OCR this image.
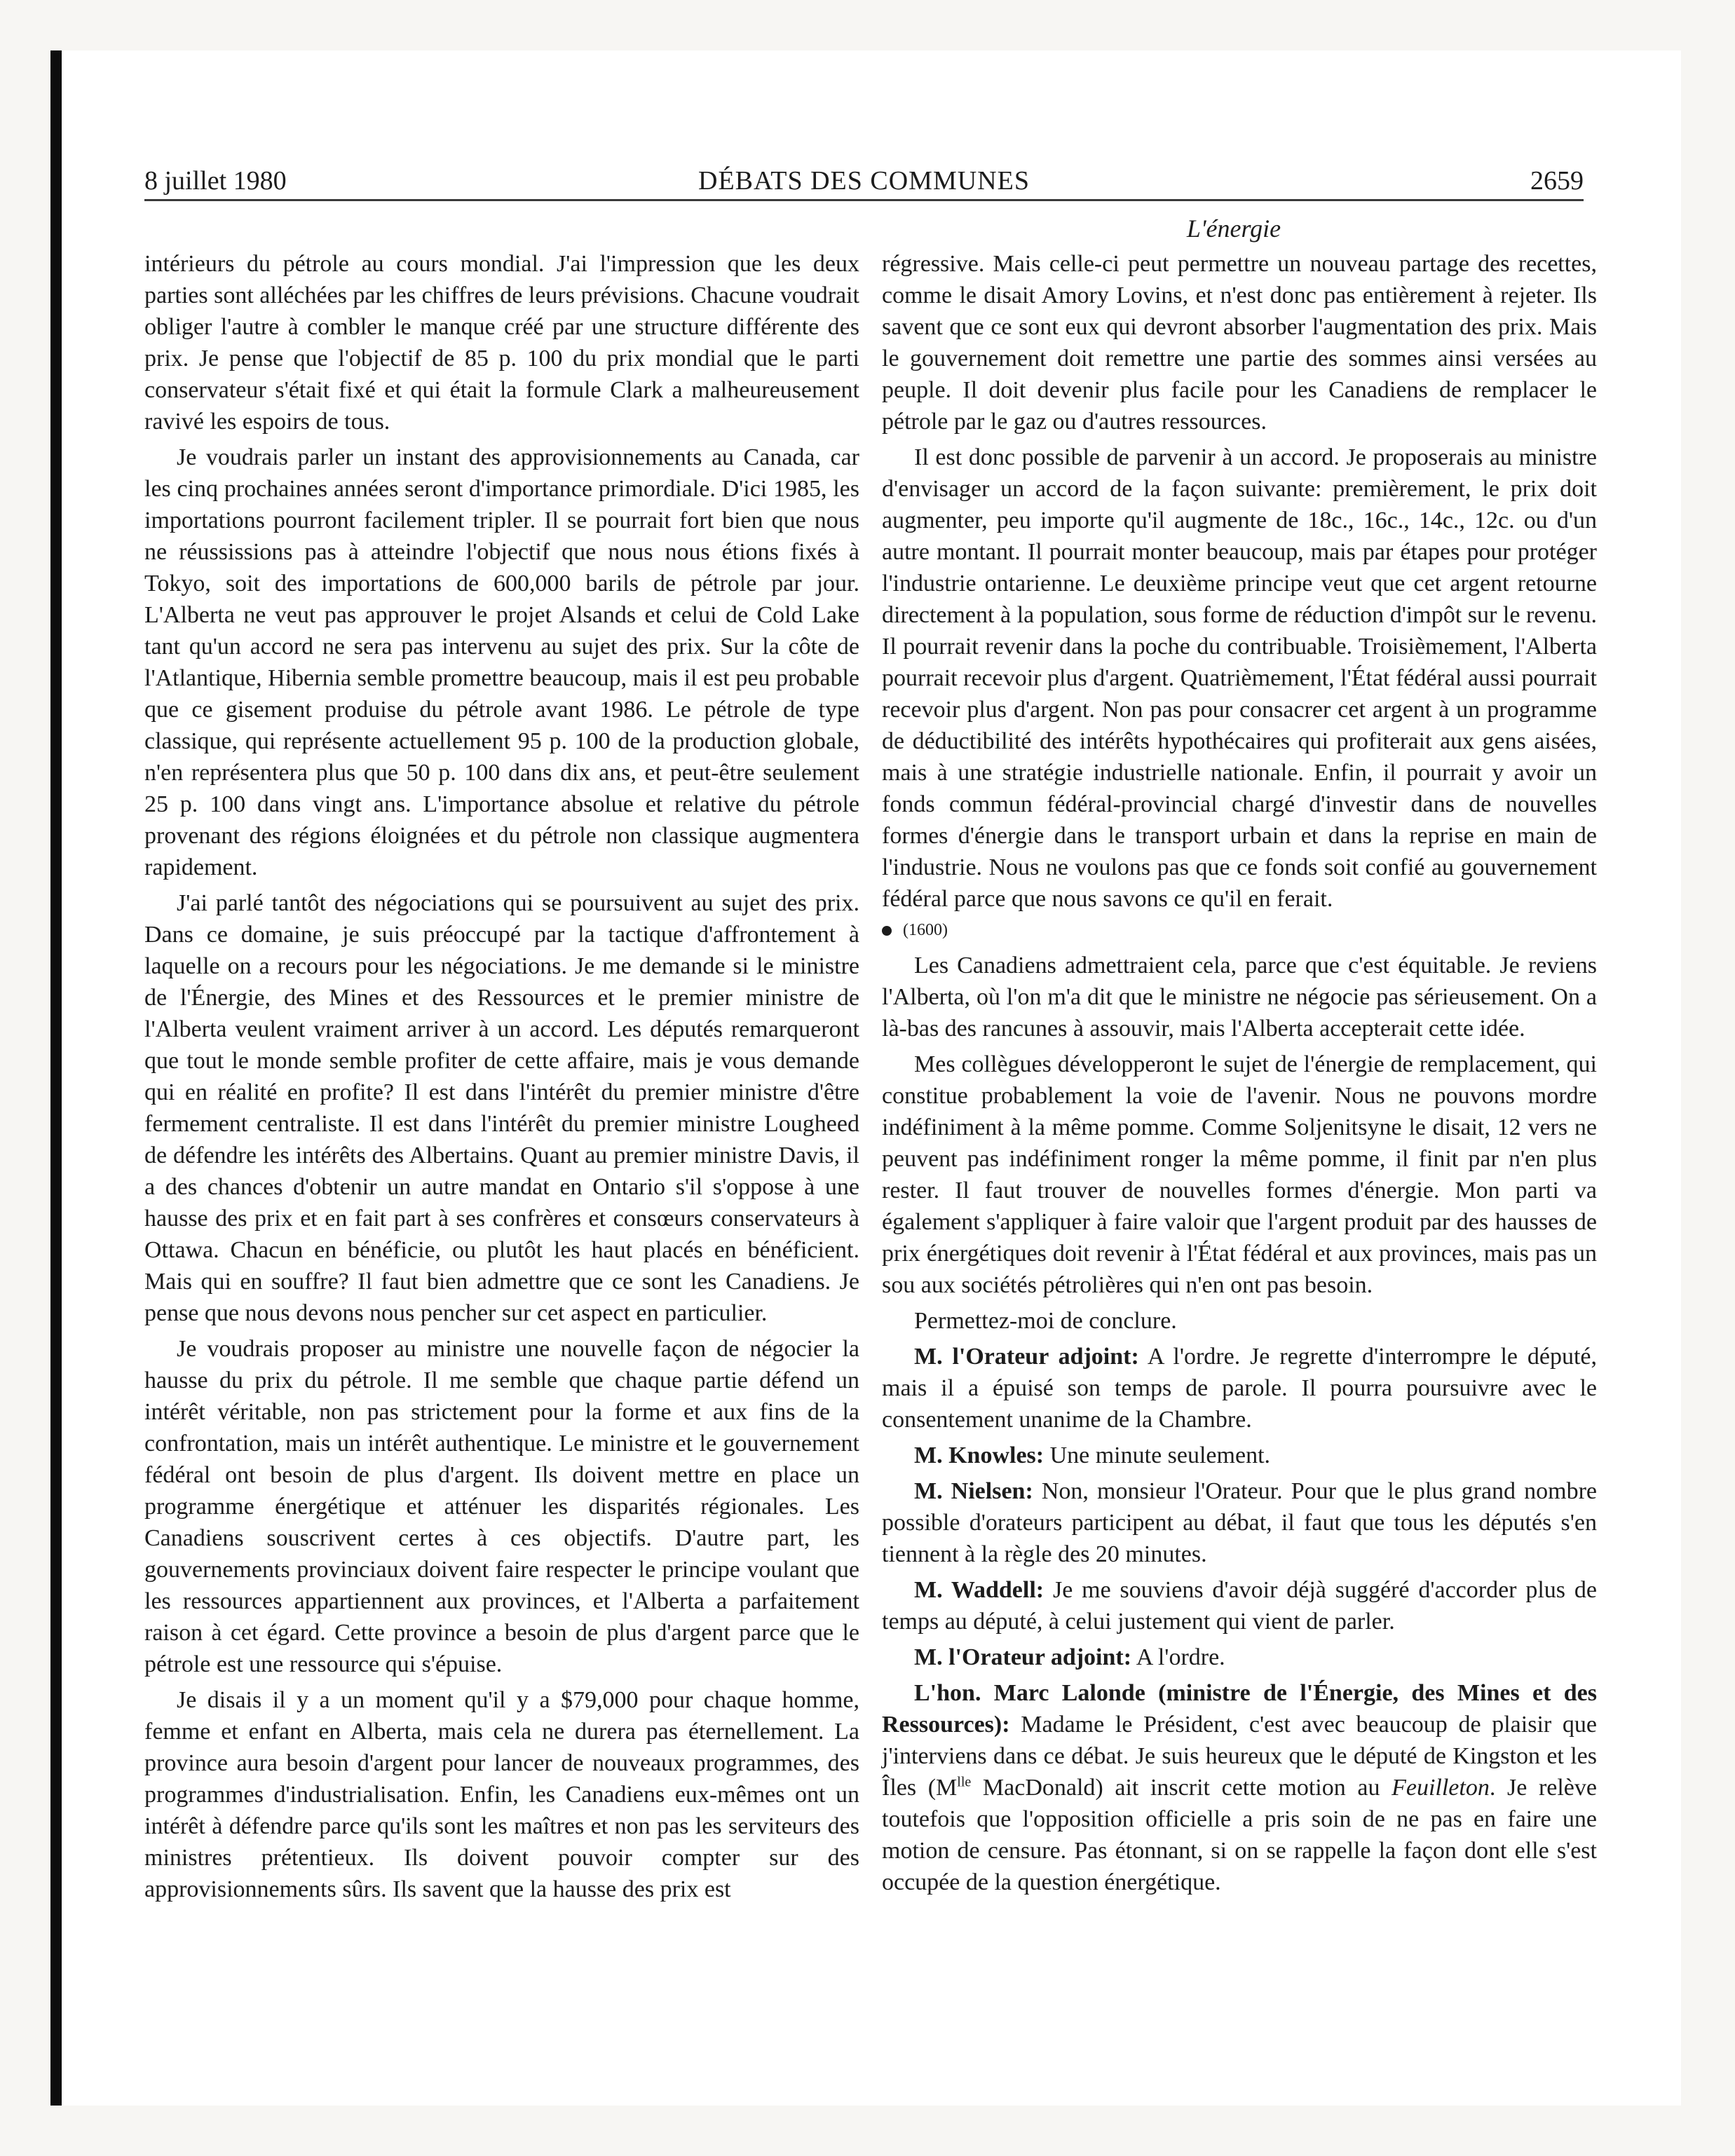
8 juillet 1980	DÉBATS DES COMMUNES	2659
L'énergie

intérieurs du pétrole au cours mondial. J'ai l'impression que les deux parties sont alléchées par les chiffres de leurs prévisions. Chacune voudrait obliger l'autre à combler le manque créé par une structure différente des prix. Je pense que l'objectif de 85 p. 100 du prix mondial que le parti conservateur s'était fixé et qui était la formule Clark a malheureusement ravivé les espoirs de tous.

Je voudrais parler un instant des approvisionnements au Canada, car les cinq prochaines années seront d'importance primordiale. D'ici 1985, les importations pourront facilement tripler. Il se pourrait fort bien que nous ne réussissions pas à atteindre l'objectif que nous nous étions fixés à Tokyo, soit des importations de 600,000 barils de pétrole par jour. L'Alberta ne veut pas approuver le projet Alsands et celui de Cold Lake tant qu'un accord ne sera pas intervenu au sujet des prix. Sur la côte de l'Atlantique, Hibernia semble promettre beaucoup, mais il est peu probable que ce gisement produise du pétrole avant 1986. Le pétrole de type classique, qui représente actuellement 95 p. 100 de la production globale, n'en représentera plus que 50 p. 100 dans dix ans, et peut-être seulement 25 p. 100 dans vingt ans. L'importance absolue et relative du pétrole provenant des régions éloignées et du pétrole non classique augmentera rapidement.

J'ai parlé tantôt des négociations qui se poursuivent au sujet des prix. Dans ce domaine, je suis préoccupé par la tactique d'affrontement à laquelle on a recours pour les négociations. Je me demande si le ministre de l'Énergie, des Mines et des Ressources et le premier ministre de l'Alberta veulent vraiment arriver à un accord. Les députés remarqueront que tout le monde semble profiter de cette affaire, mais je vous demande qui en réalité en profite? Il est dans l'intérêt du premier ministre d'être fermement centraliste. Il est dans l'intérêt du premier ministre Lougheed de défendre les intérêts des Albertains. Quant au premier ministre Davis, il a des chances d'obtenir un autre mandat en Ontario s'il s'oppose à une hausse des prix et en fait part à ses confrères et consœurs conservateurs à Ottawa. Chacun en bénéficie, ou plutôt les haut placés en bénéficient. Mais qui en souffre? Il faut bien admettre que ce sont les Canadiens. Je pense que nous devons nous pencher sur cet aspect en particulier.

Je voudrais proposer au ministre une nouvelle façon de négocier la hausse du prix du pétrole. Il me semble que chaque partie défend un intérêt véritable, non pas strictement pour la forme et aux fins de la confrontation, mais un intérêt authentique. Le ministre et le gouvernement fédéral ont besoin de plus d'argent. Ils doivent mettre en place un programme énergétique et atténuer les disparités régionales. Les Canadiens souscrivent certes à ces objectifs. D'autre part, les gouvernements provinciaux doivent faire respecter le principe voulant que les ressources appartiennent aux provinces, et l'Alberta a parfaitement raison à cet égard. Cette province a besoin de plus d'argent parce que le pétrole est une ressource qui s'épuise.

Je disais il y a un moment qu'il y a $79,000 pour chaque homme, femme et enfant en Alberta, mais cela ne durera pas éternellement. La province aura besoin d'argent pour lancer de nouveaux programmes, des programmes d'industrialisation. Enfin, les Canadiens eux-mêmes ont un intérêt à défendre parce qu'ils sont les maîtres et non pas les serviteurs des ministres prétentieux. Ils doivent pouvoir compter sur des approvisionnements sûrs. Ils savent que la hausse des prix est

régressive. Mais celle-ci peut permettre un nouveau partage des recettes, comme le disait Amory Lovins, et n'est donc pas entièrement à rejeter. Ils savent que ce sont eux qui devront absorber l'augmentation des prix. Mais le gouvernement doit remettre une partie des sommes ainsi versées au peuple. Il doit devenir plus facile pour les Canadiens de remplacer le pétrole par le gaz ou d'autres ressources.

Il est donc possible de parvenir à un accord. Je proposerais au ministre d'envisager un accord de la façon suivante: premièrement, le prix doit augmenter, peu importe qu'il augmente de 18c., 16c., 14c., 12c. ou d'un autre montant. Il pourrait monter beaucoup, mais par étapes pour protéger l'industrie ontarienne. Le deuxième principe veut que cet argent retourne directement à la population, sous forme de réduction d'impôt sur le revenu. Il pourrait revenir dans la poche du contribuable. Troisièmement, l'Alberta pourrait recevoir plus d'argent. Quatrièmement, l'État fédéral aussi pourrait recevoir plus d'argent. Non pas pour consacrer cet argent à un programme de déductibilité des intérêts hypothécaires qui profiterait aux gens aisées, mais à une stratégie industrielle nationale. Enfin, il pourrait y avoir un fonds commun fédéral-provincial chargé d'investir dans de nouvelles formes d'énergie dans le transport urbain et dans la reprise en main de l'industrie. Nous ne voulons pas que ce fonds soit confié au gouvernement fédéral parce que nous savons ce qu'il en ferait.

(1600)

Les Canadiens admettraient cela, parce que c'est équitable. Je reviens l'Alberta, où l'on m'a dit que le ministre ne négocie pas sérieusement. On a là-bas des rancunes à assouvir, mais l'Alberta accepterait cette idée.

Mes collègues développeront le sujet de l'énergie de remplacement, qui constitue probablement la voie de l'avenir. Nous ne pouvons mordre indéfiniment à la même pomme. Comme Soljenitsyne le disait, 12 vers ne peuvent pas indéfiniment ronger la même pomme, il finit par n'en plus rester. Il faut trouver de nouvelles formes d'énergie. Mon parti va également s'appliquer à faire valoir que l'argent produit par des hausses de prix énergétiques doit revenir à l'État fédéral et aux provinces, mais pas un sou aux sociétés pétrolières qui n'en ont pas besoin.

Permettez-moi de conclure.

M. l'Orateur adjoint: A l'ordre. Je regrette d'interrompre le député, mais il a épuisé son temps de parole. Il pourra poursuivre avec le consentement unanime de la Chambre.

M. Knowles: Une minute seulement.

M. Nielsen: Non, monsieur l'Orateur. Pour que le plus grand nombre possible d'orateurs participent au débat, il faut que tous les députés s'en tiennent à la règle des 20 minutes.

M. Waddell: Je me souviens d'avoir déjà suggéré d'accorder plus de temps au député, à celui justement qui vient de parler.

M. l'Orateur adjoint: A l'ordre.

L'hon. Marc Lalonde (ministre de l'Énergie, des Mines et des Ressources): Madame le Président, c'est avec beaucoup de plaisir que j'interviens dans ce débat. Je suis heureux que le député de Kingston et les Îles ($M^{lle}$ MacDonald) ait inscrit cette motion au Feuilleton. Je relève toutefois que l'opposition officielle a pris soin de ne pas en faire une motion de censure. Pas étonnant, si on se rappelle la façon dont elle s'est occupée de la question énergétique.
